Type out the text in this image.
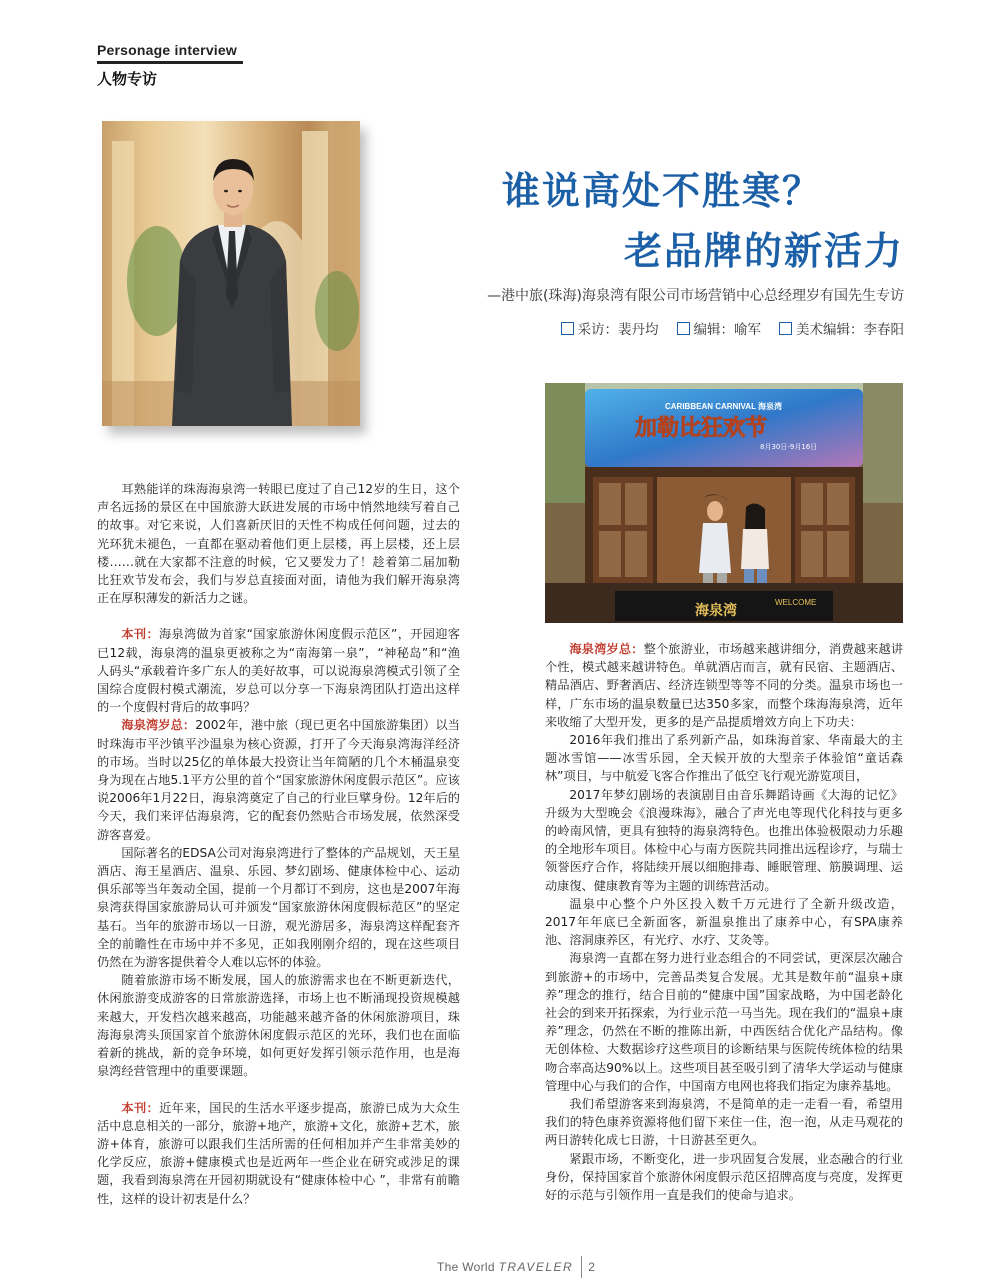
Personage interview
人物专访
谁说高处不胜寒？
老品牌的新活力
—港中旅(珠海)海泉湾有限公司市场营销中心总经理岁有国先生专访
采访：裴丹均	编辑：喻军	美术编辑：李春阳
CARIBBEAN CARNIVAL 海泉湾
加勒比狂欢节
8月30日-9月16日
海泉湾
WELCOME

耳熟能详的珠海海泉湾一转眼已度过了自己12岁的生日，这个声名远扬的景区在中国旅游大跃进发展的市场中悄然地续写着自己的故事。对它来说，人们喜新厌旧的天性不构成任何问题，过去的光环犹未褪色，一直都在驱动着他们更上层楼，再上层楼，还上层楼……就在大家都不注意的时候，它又要发力了！趁着第二届加勒比狂欢节发布会，我们与岁总直接面对面，请他为我们解开海泉湾正在厚积薄发的新活力之谜。

本刊：海泉湾做为首家“国家旅游休闲度假示范区”，开园迎客已12载，海泉湾的温泉更被称之为“南海第一泉”，“神秘岛”和“渔人码头“承载着许多广东人的美好故事，可以说海泉湾模式引领了全国综合度假村模式潮流，岁总可以分享一下海泉湾团队打造出这样的一个度假村背后的故事吗？

海泉湾岁总：2002年，港中旅（现已更名中国旅游集团）以当时珠海市平沙镇平沙温泉为核心资源，打开了今天海泉湾海洋经济的市场。当时以25亿的单体最大投资让当年简陋的几个木桶温泉变身为现在占地5.1平方公里的首个“国家旅游休闲度假示范区”。应该说2006年1月22日，海泉湾奠定了自己的行业巨擘身份。12年后的今天，我们来评估海泉湾，它的配套仍然贴合市场发展，依然深受游客喜爱。

国际著名的EDSA公司对海泉湾进行了整体的产品规划，天王星酒店、海王星酒店、温泉、乐园、梦幻剧场、健康体检中心、运动俱乐部等当年轰动全国，提前一个月都订不到房，这也是2007年海泉湾获得国家旅游局认可并颁发“国家旅游休闲度假标范区”的坚定基石。当年的旅游市场以一日游，观光游居多，海泉湾这样配套齐全的前瞻性在市场中并不多见，正如我刚刚介绍的，现在这些项目仍然在为游客提供着令人难以忘怀的体验。

随着旅游市场不断发展，国人的旅游需求也在不断更新迭代，休闲旅游变成游客的日常旅游选择，市场上也不断涌现投资规模越来越大，开发档次越来越高，功能越来越齐备的休闲旅游项目，珠海海泉湾头顶国家首个旅游休闲度假示范区的光环，我们也在面临着新的挑战，新的竞争环境，如何更好发挥引领示范作用，也是海泉湾经营管理中的重要课题。

本刊：近年来，国民的生活水平逐步提高，旅游已成为大众生活中息息相关的一部分，旅游+地产，旅游+文化，旅游+艺术，旅游+体育，旅游可以跟我们生活所需的任何相加并产生非常美妙的化学反应，旅游+健康模式也是近两年一些企业在研究或涉足的课题，我看到海泉湾在开园初期就设有“健康体检中心 ”，非常有前瞻性，这样的设计初衷是什么？

海泉湾岁总：整个旅游业，市场越来越讲细分，消费越来越讲个性，模式越来越讲特色。单就酒店而言，就有民宿、主题酒店、精品酒店、野奢酒店、经济连锁型等等不同的分类。温泉市场也一样，广东市场的温泉数量已达350多家，而整个珠海海泉湾，近年来收缩了大型开发，更多的是产品提质增效方向上下功夫：

2016年我们推出了系列新产品，如珠海首家、华南最大的主题冰雪馆——冰雪乐园，全天候开放的大型亲子体验馆“童话森林”项目，与中航爱飞客合作推出了低空飞行观光游览项目，

2017年梦幻剧场的表演剧目由音乐舞蹈诗画《大海的记忆》升级为大型晚会《浪漫珠海》，融合了声光电等现代化科技与更多的岭南风情，更具有独特的海泉湾特色。也推出体验极限动力乐趣的全地形车项目。体检中心与南方医院共同推出远程诊疗，与瑞士领誉医疗合作，将陆续开展以细胞排毒、睡眠管理、筋膜调理、运动康復、健康教育等为主题的训练营活动。

温泉中心整个户外区投入数千万元进行了全新升级改造，2017年年底已全新面客，新温泉推出了康养中心，有SPA康养池、溶洞康养区，有光疗、水疗、艾灸等。

海泉湾一直都在努力进行业态组合的不同尝试，更深层次融合到旅游+的市场中，完善品类复合发展。尤其是数年前“温泉+康养”理念的推行，结合目前的“健康中国”国家战略，为中国老龄化社会的到来开拓探索，为行业示范一马当先。现在我们的“温泉+康养”理念，仍然在不断的推陈出新，中西医结合优化产品结构。像无创体检、大数据诊疗这些项目的诊断结果与医院传统体检的结果吻合率高达90%以上。这些项目甚至吸引到了清华大学运动与健康管理中心与我们的合作，中国南方电网也将我们指定为康养基地。

我们希望游客来到海泉湾，不是简单的走一走看一看，希望用我们的特色康养资源将他们留下来住一住，泡一泡，从走马观花的两日游转化成七日游，十日游甚至更久。

紧跟市场，不断变化，进一步巩固复合发展，业态融合的行业身份，保持国家首个旅游休闲度假示范区招牌高度与亮度，发挥更好的示范与引领作用一直是我们的使命与追求。

The World TRAVELER 2
